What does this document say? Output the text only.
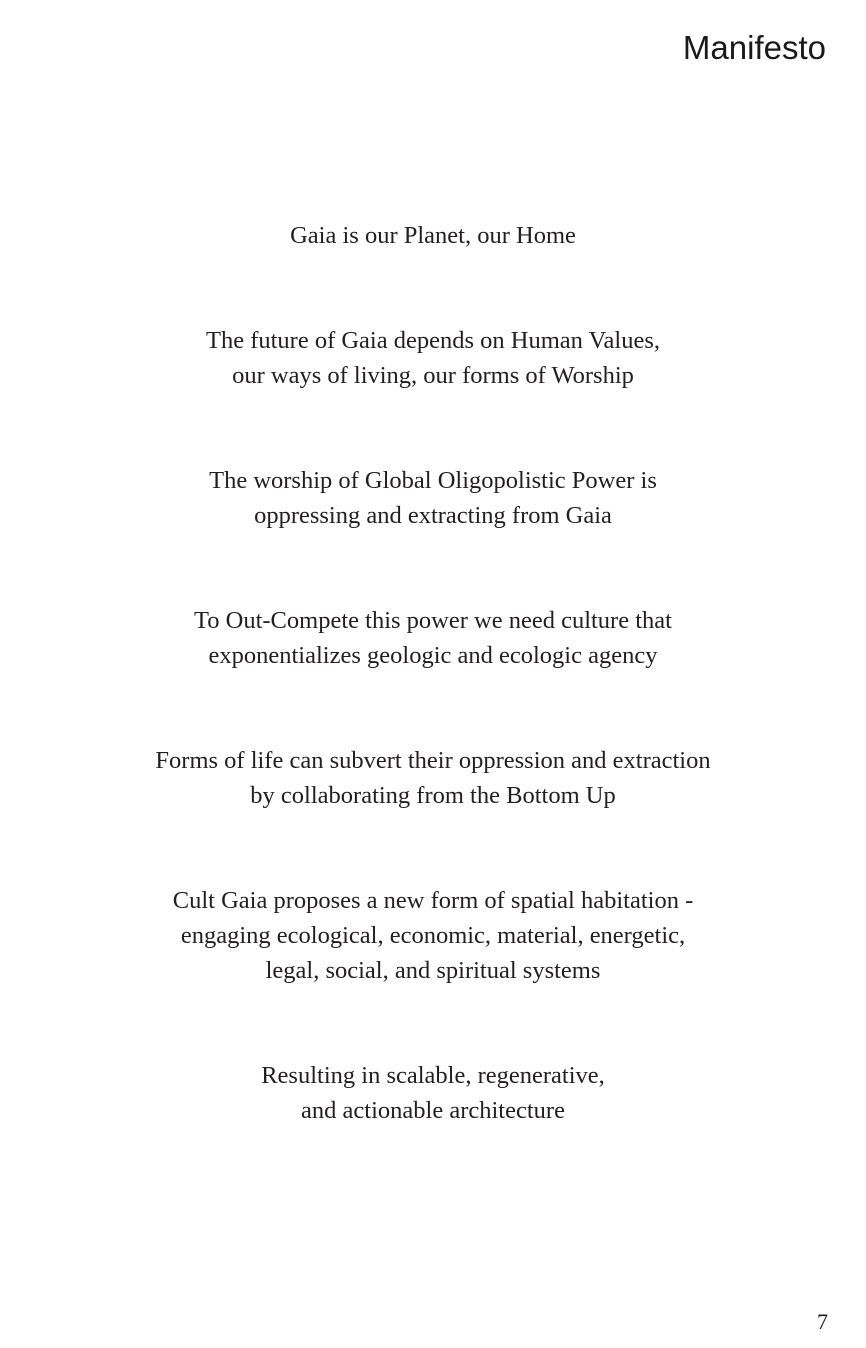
Manifesto

Gaia is our Planet, our Home

The future of Gaia depends on Human Values,
our ways of living, our forms of Worship

The worship of Global Oligopolistic Power is
oppressing and extracting from Gaia

To Out-Compete this power we need culture that
exponentializes geologic and ecologic agency

Forms of life can subvert their oppression and extraction
by collaborating from the Bottom Up

Cult Gaia proposes a new form of spatial habitation -
engaging ecological, economic, material, energetic,
legal, social, and spiritual systems

Resulting in scalable, regenerative,
and actionable architecture

7
